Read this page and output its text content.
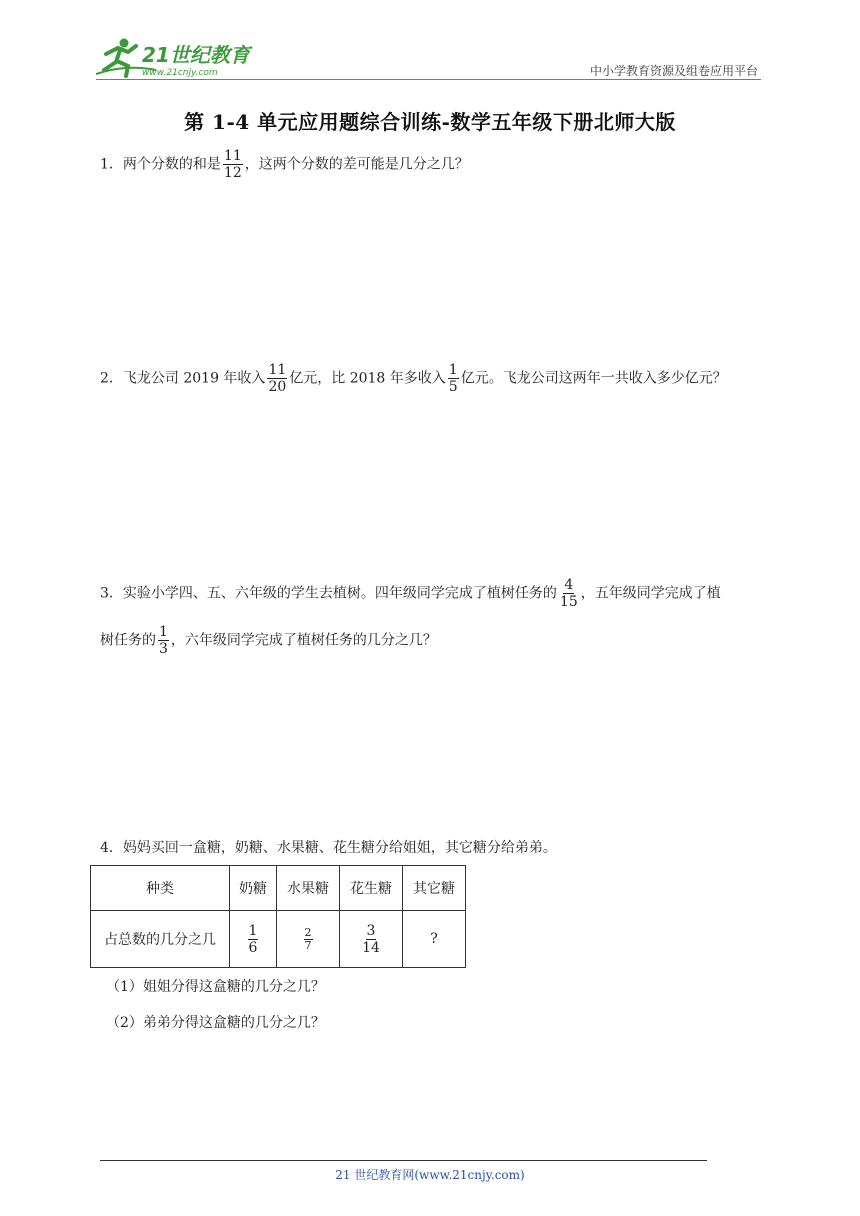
21世纪教育
www.21cnjy.com	中小学教育资源及组卷应用平台
第 1-4 单元应用题综合训练-数学五年级下册北师大版
1．两个分数的和是 $\frac{11}{12}$ ，这两个分数的差可能是几分之几？
2．飞龙公司 2019 年收入 $\frac{11}{20}$ 亿元，比 2018 年多收入 $\frac{1}{5}$ 亿元。飞龙公司这两年一共收入多少亿元？
3．实验小学四、五、六年级的学生去植树。四年级同学完成了植树任务的 $\frac{4}{15}$ ，五年级同学完成了植
树任务的 $\frac{1}{3}$ ，六年级同学完成了植树任务的几分之几？
4．妈妈买回一盒糖，奶糖、水果糖、花生糖分给姐姐，其它糖分给弟弟。
种类	奶糖	水果糖	花生糖	其它糖
占总数的几分之几	$\frac{1}{6}$	$\frac{2}{7}$	$\frac{3}{14}$	?
（1）姐姐分得这盒糖的几分之几？
（2）弟弟分得这盒糖的几分之几？
21 世纪教育网(www.21cnjy.com)
